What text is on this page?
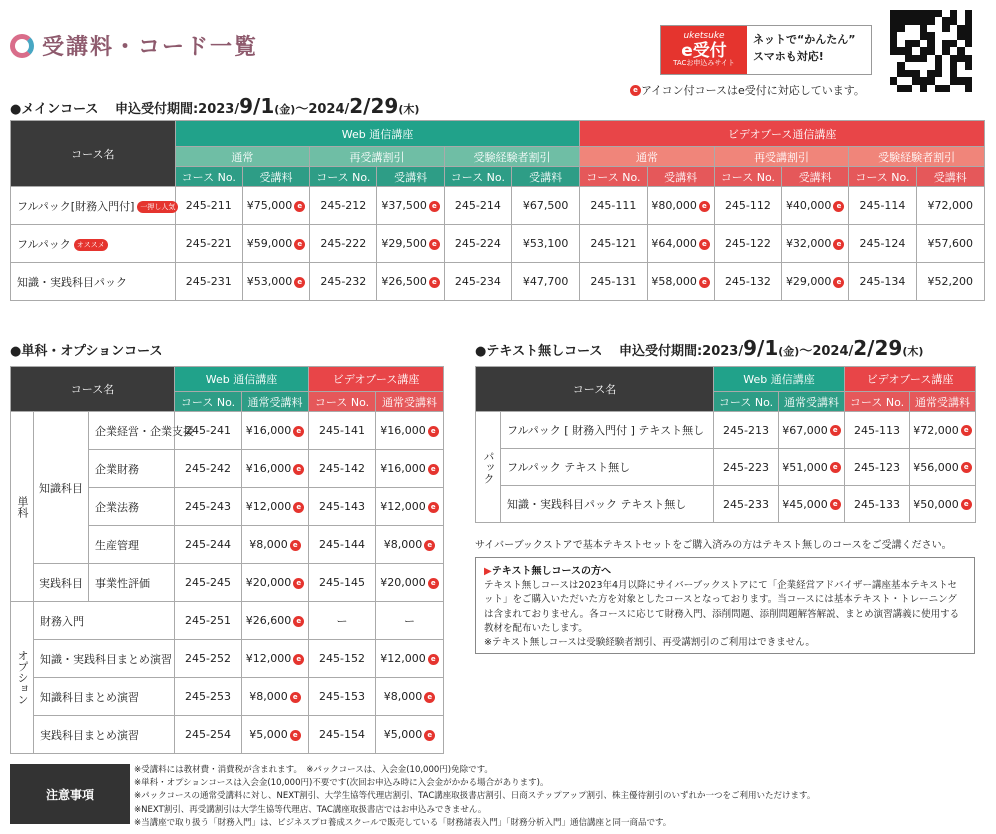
受講料・コード一覧	uketsuke
e受付
TACお申込みサイト
ネットで“かんたん”
スマホも対応!
e アイコン付コースはe受付に対応しています。
●メインコース 申込受付期間:2023/9/1(金)～2024/2/29(木)
コース名	Web 通信講座						ビデオブース通信講座					
	通常		再受講割引		受験経験者割引		通常		再受講割引		受験経験者割引	
	コース No.	受講料	コース No.	受講料	コース No.	受講料	コース No.	受講料	コース No.	受講料	コース No.	受講料
フルパック[財務入門付] 一押し人気	245-211	¥75,000 e	245-212	¥37,500 e	245-214	¥67,500	245-111	¥80,000 e	245-112	¥40,000 e	245-114	¥72,000
フルパック オススメ	245-221	¥59,000 e	245-222	¥29,500 e	245-224	¥53,100	245-121	¥64,000 e	245-122	¥32,000 e	245-124	¥57,600
知識・実践科目パック	245-231	¥53,000 e	245-232	¥26,500 e	245-234	¥47,700	245-131	¥58,000 e	245-132	¥29,000 e	245-134	¥52,200
●単科・オプションコース
コース名			Web 通信講座		ビデオブース講座	
			コース No.	通常受講料	コース No.	通常受講料
単科	知識科目	企業経営・企業支援	245-241	¥16,000 e	245-141	¥16,000 e
		企業財務	245-242	¥16,000 e	245-142	¥16,000 e
		企業法務	245-243	¥12,000 e	245-143	¥12,000 e
		生産管理	245-244	¥8,000 e	245-144	¥8,000 e
	実践科目	事業性評価	245-245	¥20,000 e	245-145	¥20,000 e
オプション	財務入門		245-251	¥26,600 e	ー	ー
	知識・実践科目まとめ演習		245-252	¥12,000 e	245-152	¥12,000 e
	知識科目まとめ演習		245-253	¥8,000 e	245-153	¥8,000 e
	実践科目まとめ演習		245-254	¥5,000 e	245-154	¥5,000 e
●テキスト無しコース 申込受付期間:2023/9/1(金)～2024/2/29(木)
コース名		Web 通信講座		ビデオブース講座	
		コース No.	通常受講料	コース No.	通常受講料
パック	フルパック [ 財務入門付 ] テキスト無し	245-213	¥67,000 e	245-113	¥72,000 e
	フルパック テキスト無し	245-223	¥51,000 e	245-123	¥56,000 e
	知識・実践科目パック テキスト無し	245-233	¥45,000 e	245-133	¥50,000 e
サイバーブックストアで基本テキストセットをご購入済みの方はテキスト無しのコースをご受講ください。
▶テキスト無しコースの方へ
テキスト無しコースは2023年4月以降にサイバーブックストアにて「企業経営アドバイザー講座基本テキストセット」をご購入いただいた方を対象としたコースとなっております。当コースには基本テキスト・トレーニングは含まれておりません。各コースに応じて財務入門、添削問題、添削問題解答解説、まとめ演習講義に使用する教材を配布いたします。
※テキスト無しコースは受験経験者割引、再受講割引のご利用はできません。
注意事項
※受講料には教材費・消費税が含まれます。　※パックコースは、入会金(10,000円)免除です。
※単科・オプションコースは入会金(10,000円)不要です(次回お申込み時に入会金がかかる場合があります)。
※パックコースの通常受講料に対し、NEXT割引、大学生協等代理店割引、TAC講座取扱書店割引、日商ステップアップ割引、株主優待割引のいずれか一つをご利用いただけます。
※NEXT割引、再受講割引は大学生協等代理店、TAC講座取扱書店ではお申込みできません。
※当講座で取り扱う「財務入門」は、ビジネスプロ養成スクールで販売している「財務諸表入門」「財務分析入門」通信講座と同一商品です。
